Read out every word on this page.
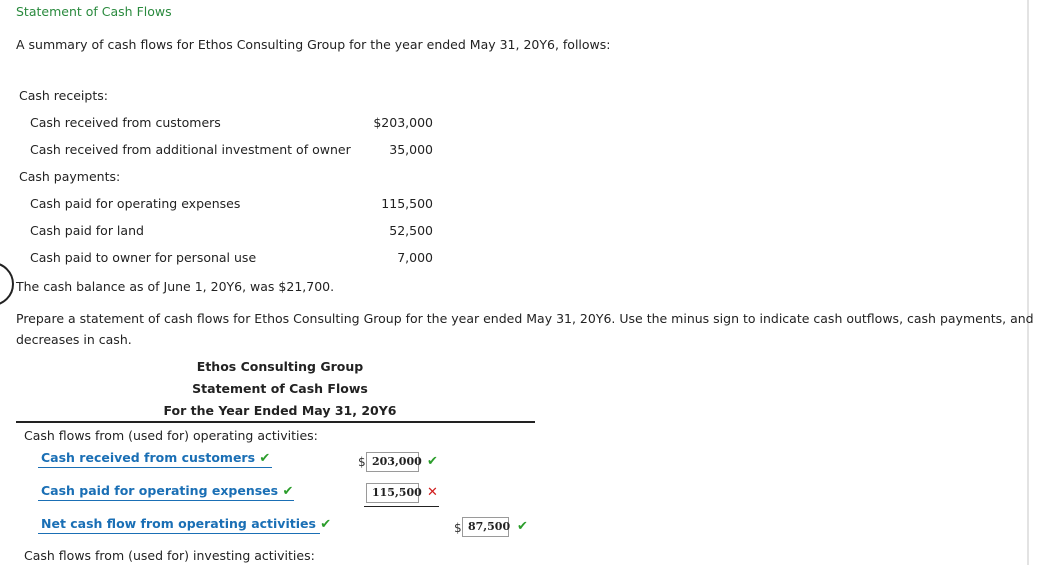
Statement of Cash Flows
A summary of cash flows for Ethos Consulting Group for the year ended May 31, 20Y6, follows:
Cash receipts:
Cash received from customers	$203,000
Cash received from additional investment of owner	35,000
Cash payments:
Cash paid for operating expenses	115,500
Cash paid for land	52,500
Cash paid to owner for personal use	7,000
The cash balance as of June 1, 20Y6, was $21,700.
Prepare a statement of cash flows for Ethos Consulting Group for the year ended May 31, 20Y6. Use the minus sign to indicate cash outflows, cash payments, and
decreases in cash.
Ethos Consulting Group
Statement of Cash Flows
For the Year Ended May 31, 20Y6
Cash flows from (used for) operating activities:
Cash received from customers ✔	$ 203,000 ✔
Cash paid for operating expenses ✔	115,500 ✕
Net cash flow from operating activities ✔	$ 87,500 ✔
Cash flows from (used for) investing activities:
